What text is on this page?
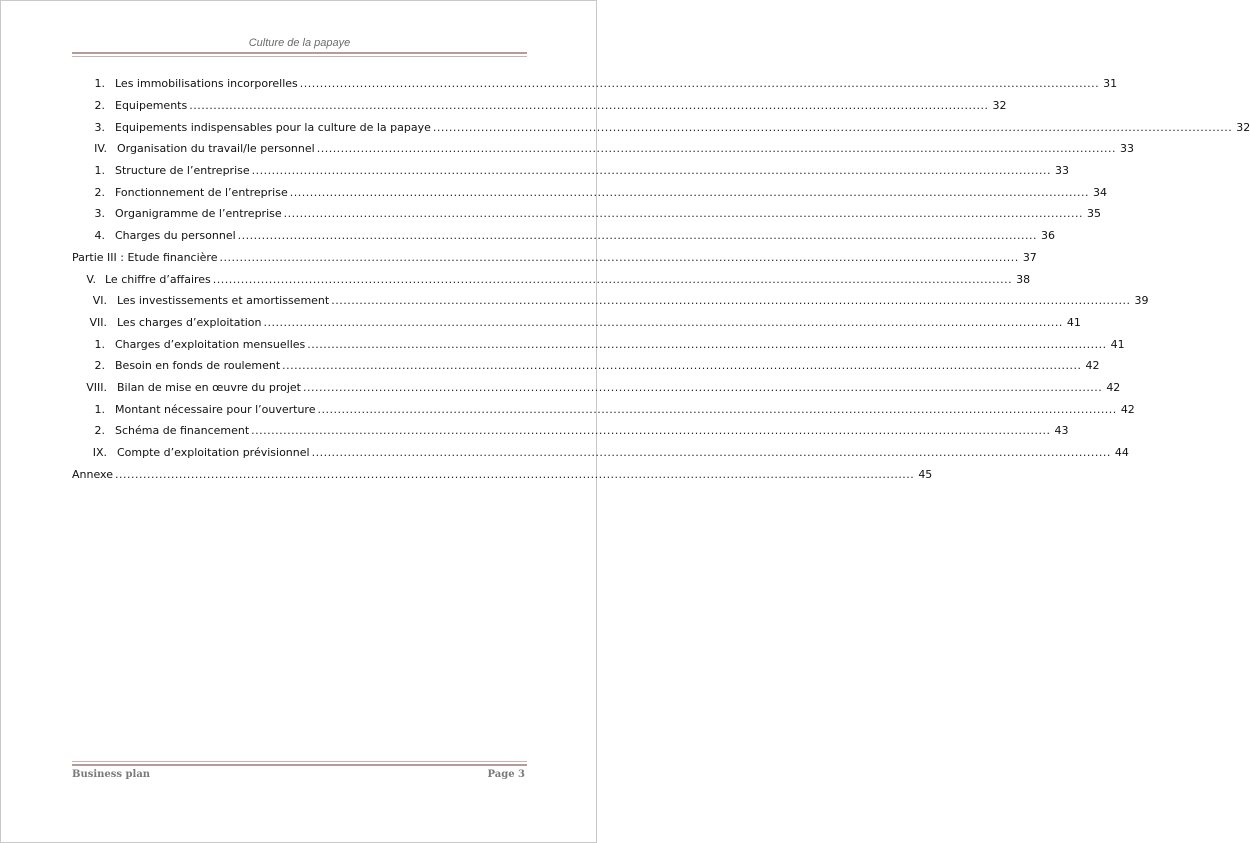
Culture de la papaye
1. Les immobilisations incorporelles ........................................................................................................................................................................................................ 31
2. Equipements ........................................................................................................................................................................................................ 32
3. Equipements indispensables pour la culture de la papaye ........................................................................................................................................................................................................ 32
IV. Organisation du travail/le personnel ........................................................................................................................................................................................................ 33
1. Structure de l’entreprise ........................................................................................................................................................................................................ 33
2. Fonctionnement de l’entreprise ........................................................................................................................................................................................................ 34
3. Organigramme de l’entreprise ........................................................................................................................................................................................................ 35
4. Charges du personnel ........................................................................................................................................................................................................ 36
Partie III : Etude financière ........................................................................................................................................................................................................ 37
V. Le chiffre d’affaires ........................................................................................................................................................................................................ 38
VI. Les investissements et amortissement ........................................................................................................................................................................................................ 39
VII. Les charges d’exploitation ........................................................................................................................................................................................................ 41
1. Charges d’exploitation mensuelles ........................................................................................................................................................................................................ 41
2. Besoin en fonds de roulement ........................................................................................................................................................................................................ 42
VIII. Bilan de mise en œuvre du projet ........................................................................................................................................................................................................ 42
1. Montant nécessaire pour l’ouverture ........................................................................................................................................................................................................ 42
2. Schéma de financement ........................................................................................................................................................................................................ 43
IX. Compte d’exploitation prévisionnel ........................................................................................................................................................................................................ 44
Annexe ........................................................................................................................................................................................................ 45
Business plan	Page 3
